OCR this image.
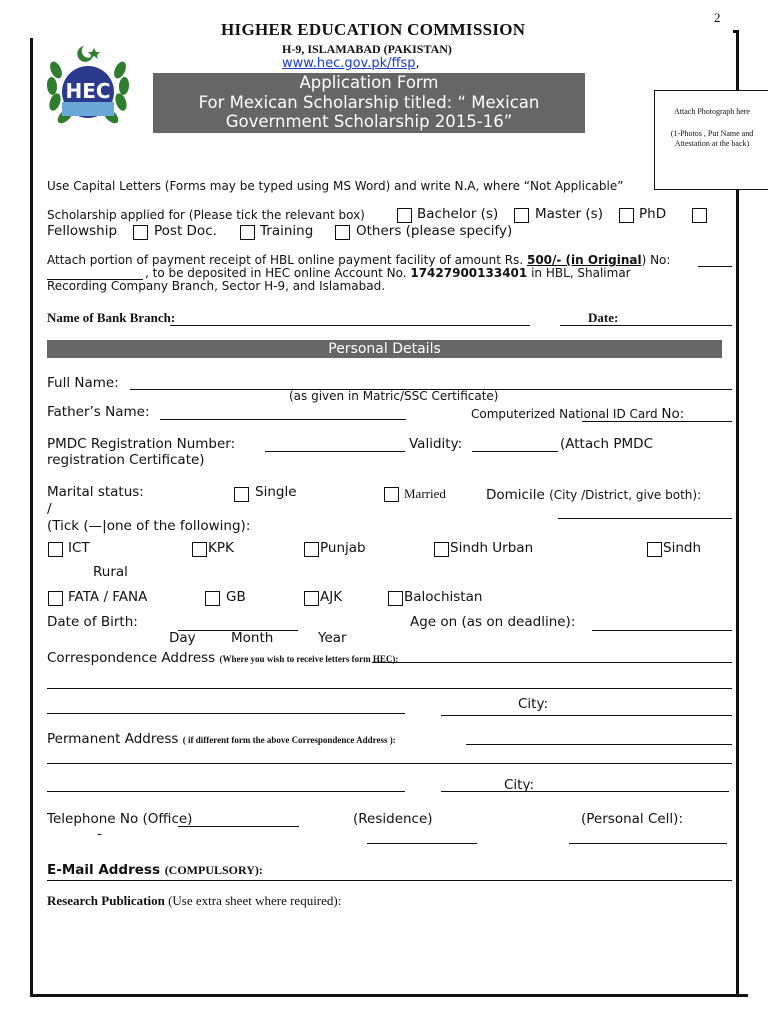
2
HEC
HIGHER EDUCATION COMMISSION
H-9, ISLAMABAD (PAKISTAN)
www.hec.gov.pk/ffsp,
Application Form
For Mexican Scholarship titled: “ Mexican
Government Scholarship 2015-16”
Attach Photograph here
(1-Photos , Put Name and Attestation at the back)
Use Capital Letters (Forms may be typed using MS Word) and write N.A, where “Not Applicable”
Scholarship applied for (Please tick the relevant box)	Bachelor (s)	Master (s)	PhD
Fellowship	Post Doc.	Training	Others (please specify)
Attach portion of payment receipt of HBL online payment facility of amount Rs. 500/- (in Original) No:
, to be deposited in HEC online Account No. 17427900133401 in HBL, Shalimar
Recording Company Branch, Sector H-9, and Islamabad.
Name of Bank Branch:	Date:
Personal Details
Full Name:
(as given in Matric/SSC Certificate)
Father’s Name:	Computerized National ID Card No:
PMDC Registration Number:	Validity:	(Attach PMDC
registration Certificate)
Marital status:	Single	Married	Domicile (City /District, give both):
/
(Tick (—|one of the following):
ICT	KPK	Punjab	Sindh Urban	Sindh
Rural
FATA / FANA	GB	AJK	Balochistan
Date of Birth:
Day	Month	Year
Age on (as on deadline):
Correspondence Address (Where you wish to receive letters form HEC):
City:
Permanent Address ( if different form the above Correspondence Address ):
City:
Telephone No (Office)
-
(Residence)	(Personal Cell):
E-Mail Address (COMPULSORY):
Research Publication (Use extra sheet where required):
